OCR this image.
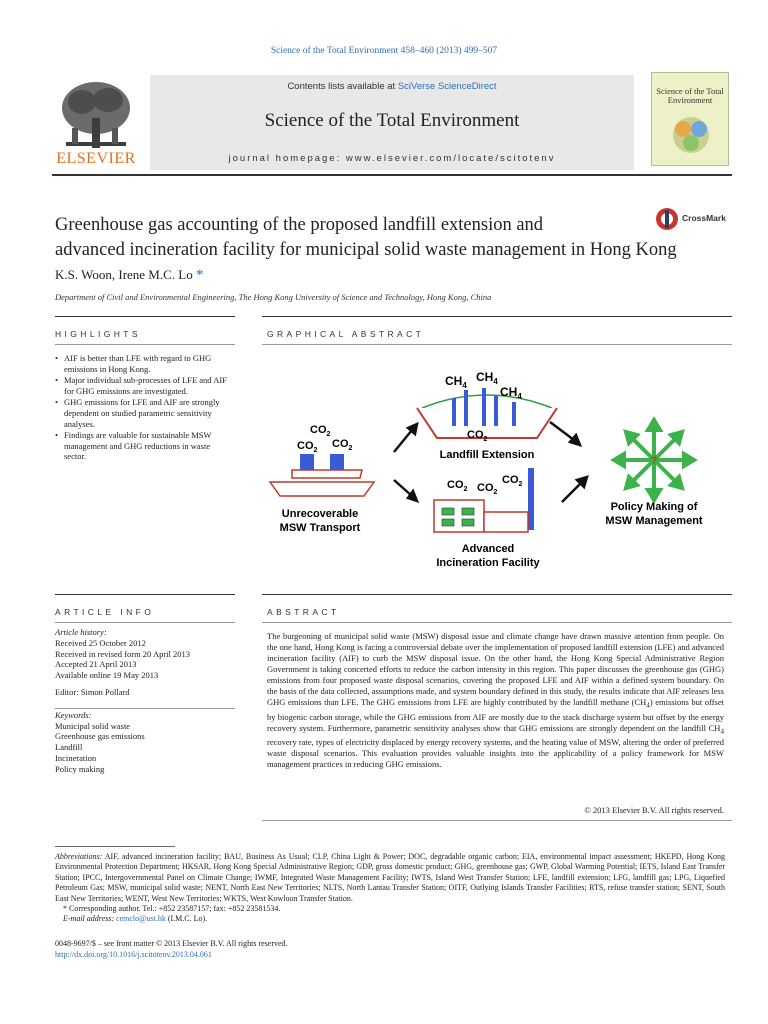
Science of the Total Environment 458–460 (2013) 499–507
ELSEVIER
Contents lists available at SciVerse ScienceDirect
Science of the Total Environment
journal homepage: www.elsevier.com/locate/scitotenv
Science of the Total Environment
Greenhouse gas accounting of the proposed landfill extension and
advanced incineration facility for municipal solid waste management in Hong Kong
CrossMark
K.S. Woon, Irene M.C. Lo *
Department of Civil and Environmental Engineering, The Hong Kong University of Science and Technology, Hong Kong, China
HIGHLIGHTS	GRAPHICAL ABSTRACT
• AIF is better than LFE with regard to GHG emissions in Hong Kong.
• Major individual sub-processes of LFE and AIF for GHG emissions are investigated.
• GHG emissions for LFE and AIF are strongly dependent on studied parametric sensitivity analyses.
• Findings are valuable for sustainable MSW management and GHG reductions in waste sector.
$CH_4$
$CH_4$
$CH_4$
$CO_2$
Landfill Extension
$CO_2$
$CO_2$
$CO_2$
Unrecoverable
MSW Transport
$CO_2$ $CO_2$
$CO_2$
Advanced
Incineration Facility
?
Policy Making of
MSW Management
ARTICLE INFO	ABSTRACT
Article history:
Received 25 October 2012
Received in revised form 20 April 2013
Accepted 21 April 2013
Available online 19 May 2013
Editor: Simon Pollard
Keywords:
Municipal solid waste
Greenhouse gas emissions
Landfill
Incineration
Policy making
The burgeoning of municipal solid waste (MSW) disposal issue and climate change have drawn massive attention from people. On the one hand, Hong Kong is facing a controversial debate over the implementation of proposed landfill extension (LFE) and advanced incineration facility (AIF) to curb the MSW disposal issue. On the other hand, the Hong Kong Special Administrative Region Government is taking concerted efforts to reduce the carbon intensity in this region. This paper discusses the greenhouse gas (GHG) emissions from four proposed waste disposal scenarios, covering the proposed LFE and AIF within a defined system boundary. On the basis of the data collected, assumptions made, and system boundary defined in this study, the results indicate that AIF releases less GHG emissions than LFE. The GHG emissions from LFE are highly contributed by the landfill methane $(CH_4)$ emissions but offset by biogenic carbon storage, while the GHG emissions from AIF are mostly due to the stack discharge system but offset by the energy recovery system. Furthermore, parametric sensitivity analyses show that GHG emissions are strongly dependent on the landfill $CH_4$ recovery rate, types of electricity displaced by energy recovery systems, and the heating value of MSW, altering the order of preferred waste disposal scenarios. This evaluation provides valuable insights into the applicability of a policy framework for MSW management practices in reducing GHG emissions.
© 2013 Elsevier B.V. All rights reserved.
Abbreviations: AIF, advanced incineration facility; BAU, Business As Usual; CLP, China Light & Power; DOC, degradable organic carbon; EIA, environmental impact assessment; HKEPD, Hong Kong Environmental Protection Department; HKSAR, Hong Kong Special Administrative Region; GDP, gross domestic product; GHG, greenhouse gas; GWP, Global Warming Potential; IETS, Island East Transfer Station; IPCC, Intergovernmental Panel on Climate Change; IWMF, Integrated Waste Management Facility; IWTS, Island West Transfer Station; LFE, landfill extension; LFG, landfill gas; LPG, Liquefied Petroleum Gas; MSW, municipal solid waste; NENT, North East New Territories; NLTS, North Lantau Transfer Station; OITF, Outlying Islands Transfer Facilities; RTS, refuse transfer station; SENT, South East New Territories; WENT, West New Territories; WKTS, West Kowloon Transfer Station.
* Corresponding author. Tel.: +852 23587157; fax: +852 23581534.
E-mail address: cemclo@ust.hk (I.M.C. Lo).
0048-9697/$ – see front matter © 2013 Elsevier B.V. All rights reserved.
http://dx.doi.org/10.1016/j.scitotenv.2013.04.061
